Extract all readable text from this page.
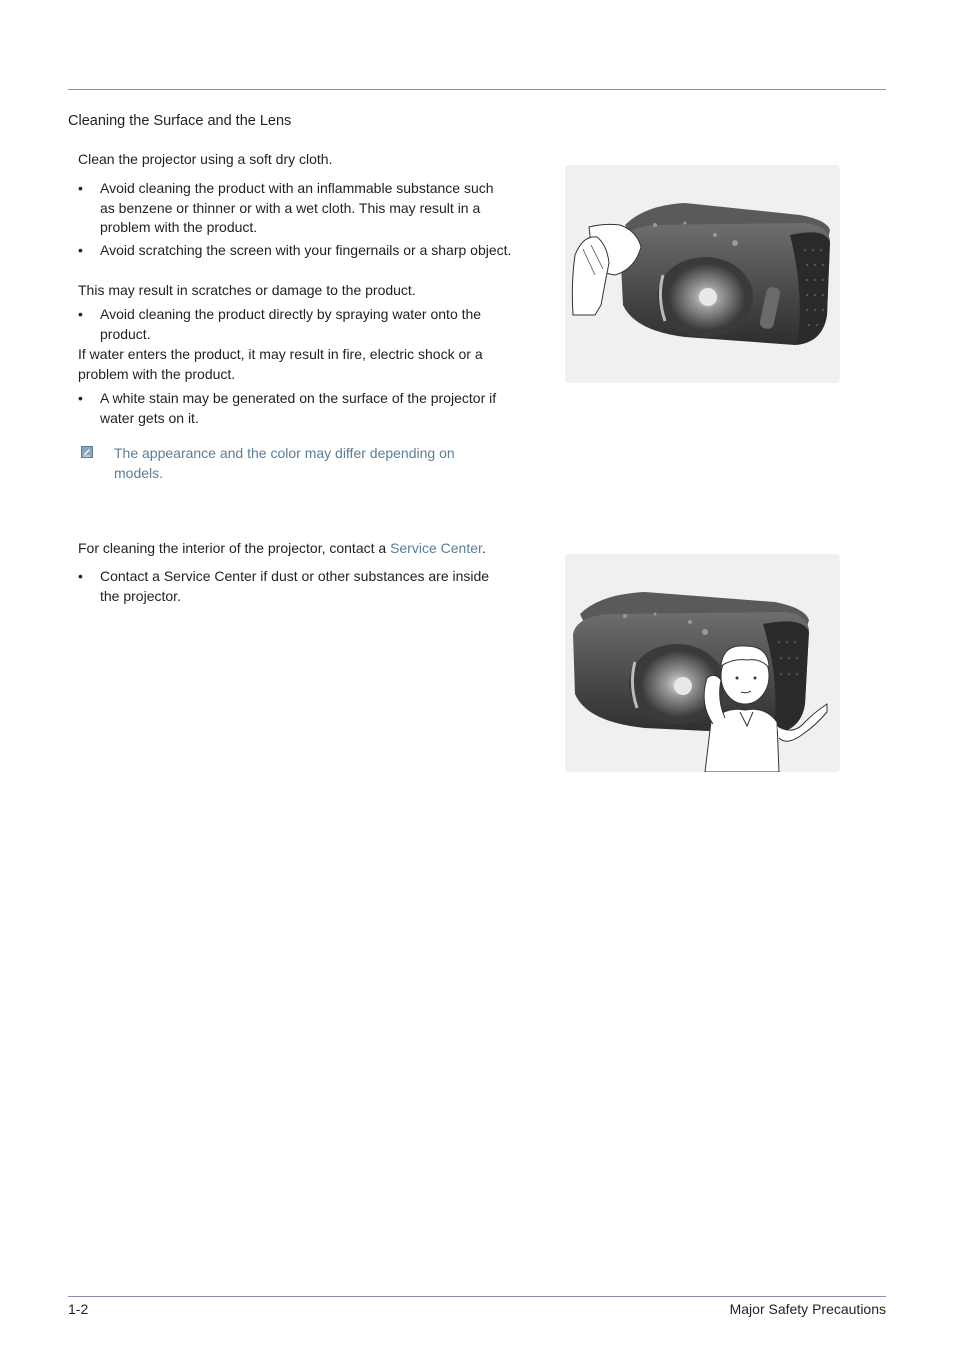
Cleaning the Surface and the Lens
Clean the projector using a soft dry cloth.
• Avoid cleaning the product with an inflammable substance such as benzene or thinner or with a wet cloth. This may result in a problem with the product.
• Avoid scratching the screen with your fingernails or a sharp object.
This may result in scratches or damage to the product.
• Avoid cleaning the product directly by spraying water onto the product.
If water enters the product, it may result in fire, electric shock or a problem with the product.
• A white stain may be generated on the surface of the projector if water gets on it.
The appearance and the color may differ depending on models.
For cleaning the interior of the projector, contact a Service Center.
• Contact a Service Center if dust or other substances are inside the projector.
1-2	Major Safety Precautions
